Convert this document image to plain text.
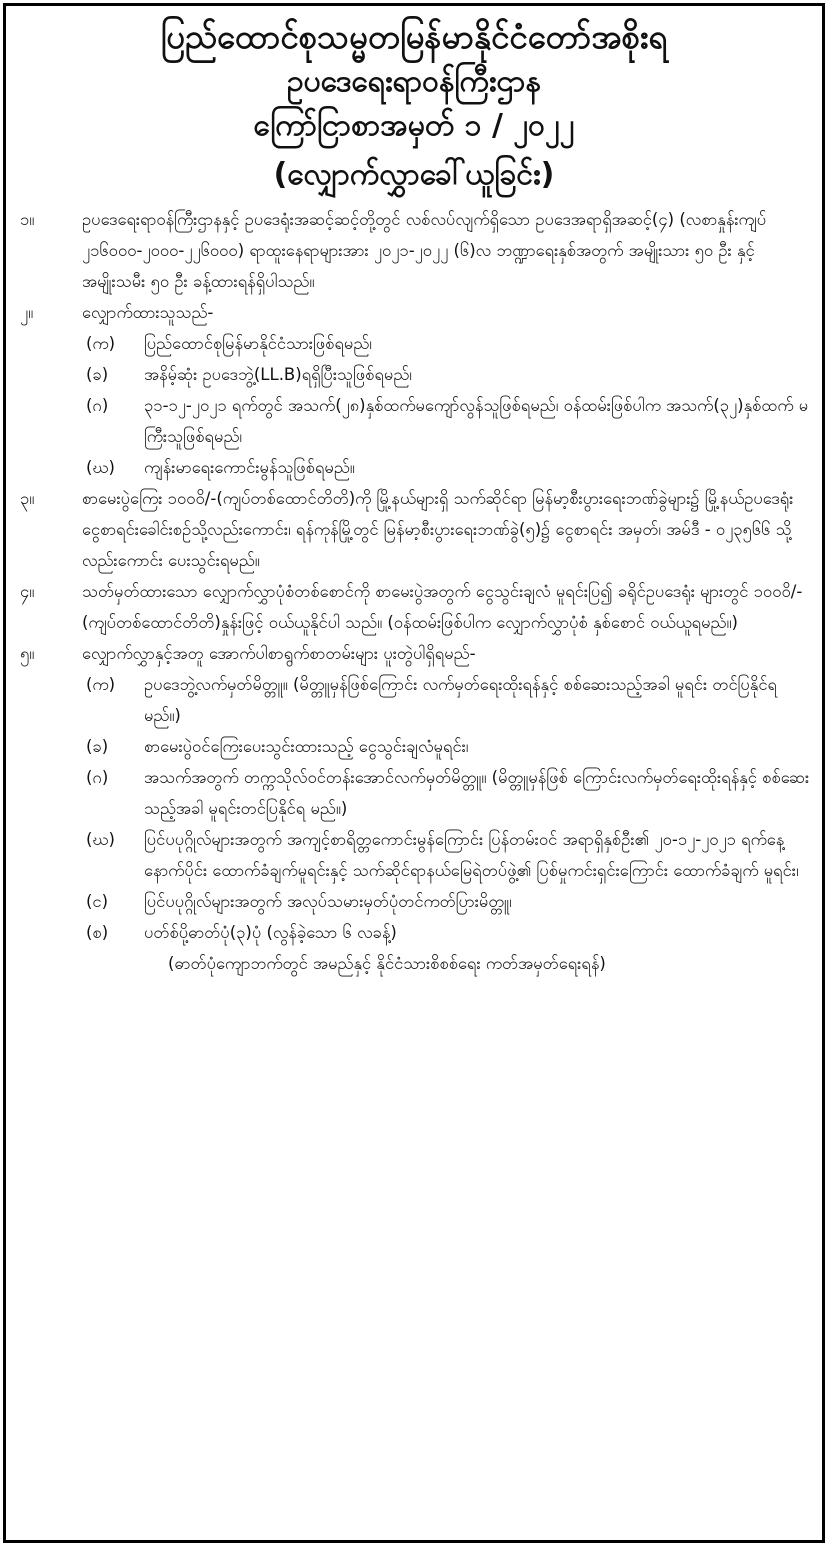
ပြည်ထောင်စုသမ္မတမြန်မာနိုင်ငံတော်အစိုးရ
ဥပဒေရေးရာဝန်ကြီးဌာန
ကြော်ငြာစာအမှတ် ၁ / ၂၀၂၂
(လျှောက်လွှာခေါ်ယူခြင်း)
၁။	ဥပဒေရေးရာဝန်ကြီးဌာနနှင့် ဥပဒေရုံးအဆင့်ဆင့်တို့တွင် လစ်လပ်လျက်ရှိသော ဥပဒေအရာရှိအဆင့်(၄) (လစာနှုန်းကျပ် ၂၁၆၀၀၀-၂၀၀၀-၂၂၆၀၀၀) ရာထူးနေရာများအား ၂၀၂၁-၂၀၂၂ (၆)လ ဘဏ္ဍာရေးနှစ်အတွက် အမျိုးသား ၅၀ ဦး နှင့်အမျိုးသမီး ၅၀ ဦး ခန့်ထားရန်ရှိပါသည်။
၂။	လျှောက်ထားသူသည်-
(က)	ပြည်ထောင်စုမြန်မာနိုင်ငံသားဖြစ်ရမည်၊
(ခ)	အနိမ့်ဆုံး ဥပဒေဘွဲ့(LL.B)ရရှိပြီးသူဖြစ်ရမည်၊
(ဂ)	၃၁-၁၂-၂၀၂၁ ရက်တွင် အသက်(၂၈)နှစ်ထက်မကျော်လွန်သူဖြစ်ရမည်၊ ဝန်ထမ်းဖြစ်ပါက အသက်(၃၂)နှစ်ထက် မကြီးသူဖြစ်ရမည်၊
(ဃ)	ကျန်းမာရေးကောင်းမွန်သူဖြစ်ရမည်။
၃။	စာမေးပွဲကြေး ၁၀၀၀ိ/-(ကျပ်တစ်ထောင်တိတိ)ကို မြို့နယ်များရှိ သက်ဆိုင်ရာ မြန်မာ့စီးပွားရေးဘဏ်ခွဲများ၌ မြို့နယ်ဥပဒေရုံး ငွေစာရင်းခေါင်းစဉ်သို့လည်းကောင်း၊ ရန်ကုန်မြို့တွင် မြန်မာ့စီးပွားရေးဘဏ်ခွဲ(၅)၌ ငွေစာရင်း အမှတ်၊ အမ်ဒီ - ဝ၂၃၅၆၆ သို့လည်းကောင်း ပေးသွင်းရမည်။
၄။	သတ်မှတ်ထားသော လျှောက်လွှာပုံစံတစ်စောင်ကို စာမေးပွဲအတွက် ငွေသွင်းချလံ မူရင်းပြ၍ ခရိုင်ဥပဒေရုံး များတွင် ၁၀၀၀ိ/-(ကျပ်တစ်ထောင်တိတိ)နှုန်းဖြင့် ဝယ်ယူနိုင်ပါ သည်။ (ဝန်ထမ်းဖြစ်ပါက လျှောက်လွှာပုံစံ နှစ်စောင် ဝယ်ယူရမည်။)
၅။	လျှောက်လွှာနှင့်အတူ အောက်ပါစာရွက်စာတမ်းများ ပူးတွဲပါရှိရမည်-
(က)	ဥပဒေဘွဲ့လက်မှတ်မိတ္တူ။ (မိတ္တူမှန်ဖြစ်ကြောင်း လက်မှတ်ရေးထိုးရန်နှင့် စစ်ဆေးသည့်အခါ မူရင်း တင်ပြနိုင်ရမည်။)
(ခ)	စာမေးပွဲဝင်ကြေးပေးသွင်းထားသည့် ငွေသွင်းချလံမူရင်း၊
(ဂ)	အသက်အတွက် တက္ကသိုလ်ဝင်တန်းအောင်လက်မှတ်မိတ္တူ။ (မိတ္တူမှန်ဖြစ် ကြောင်းလက်မှတ်ရေးထိုးရန်နှင့် စစ်ဆေးသည့်အခါ မူရင်းတင်ပြနိုင်ရ မည်။)
(ဃ)	ပြင်ပပုဂ္ဂိုလ်များအတွက် အကျင့်စာရိတ္တကောင်းမွန်ကြောင်း ပြန်တမ်းဝင် အရာရှိနှစ်ဦး၏ ၂၀-၁၂-၂၀၂၁ ရက်နေ့နောက်ပိုင်း ထောက်ခံချက်မူရင်းနှင့် သက်ဆိုင်ရာနယ်မြေရဲတပ်ဖွဲ့၏ ပြစ်မှုကင်းရှင်းကြောင်း ထောက်ခံချက် မူရင်း၊
(င)	ပြင်ပပုဂ္ဂိုလ်များအတွက် အလုပ်သမားမှတ်ပုံတင်ကတ်ပြားမိတ္တူ၊
(စ)	ပတ်စ်ပို့ဓာတ်ပုံ(၃)ပုံ (လွန်ခဲ့သော ၆ လခန့်)
(ဓာတ်ပုံကျောဘက်တွင် အမည်နှင့် နိုင်ငံသားစိစစ်ရေး ကတ်အမှတ်ရေးရန်)
